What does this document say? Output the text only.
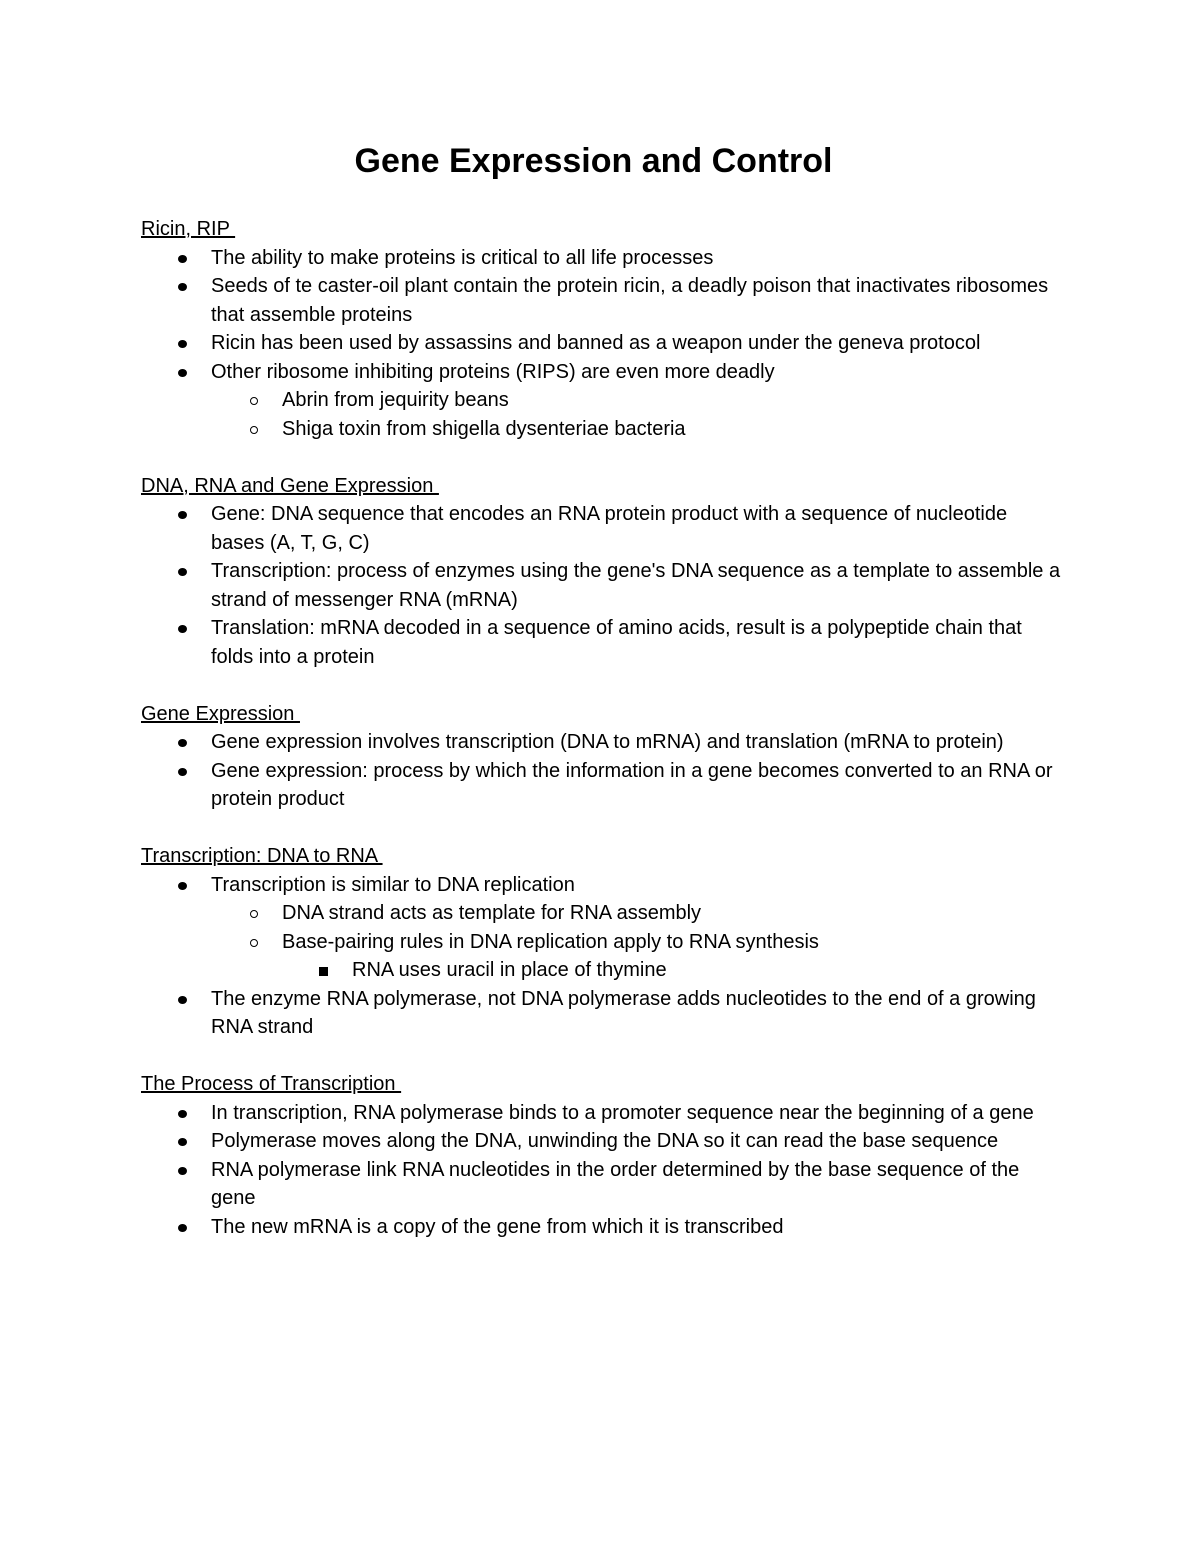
Gene Expression and Control
Ricin, RIP
The ability to make proteins is critical to all life processes
Seeds of te caster-oil plant contain the protein ricin, a deadly poison that inactivates ribosomes that assemble proteins
Ricin has been used by assassins and banned as a weapon under the geneva protocol
Other ribosome inhibiting proteins (RIPS) are even more deadly
Abrin from jequirity beans
Shiga toxin from shigella dysenteriae bacteria
DNA, RNA and Gene Expression
Gene: DNA sequence that encodes an RNA protein product with a sequence of nucleotide bases (A, T, G, C)
Transcription: process of enzymes using the gene's DNA sequence as a template to assemble a strand of messenger RNA (mRNA)
Translation: mRNA decoded in a sequence of amino acids, result is a polypeptide chain that folds into a protein
Gene Expression
Gene expression involves transcription (DNA to mRNA) and translation (mRNA to protein)
Gene expression: process by which the information in a gene becomes converted to an RNA or protein product
Transcription: DNA to RNA
Transcription is similar to DNA replication
DNA strand acts as template for RNA assembly
Base-pairing rules in DNA replication apply to RNA synthesis
RNA uses uracil in place of thymine
The enzyme RNA polymerase, not DNA polymerase adds nucleotides to the end of a growing RNA strand
The Process of Transcription
In transcription, RNA polymerase binds to a promoter sequence near the beginning of a gene
Polymerase moves along the DNA, unwinding the DNA so it can read the base sequence
RNA polymerase link RNA nucleotides in the order determined by the base sequence of the gene
The new mRNA is a copy of the gene from which it is transcribed
